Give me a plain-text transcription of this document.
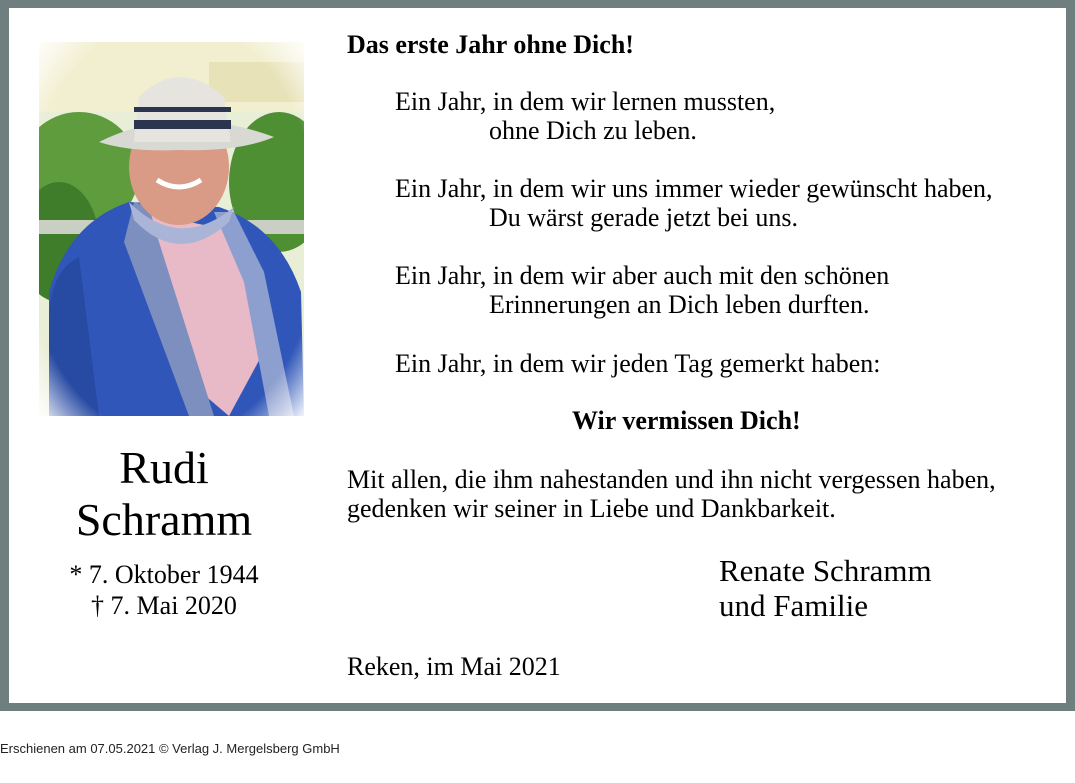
Rudi
Schramm
* 7. Oktober 1944
† 7. Mai 2020
Das erste Jahr ohne Dich!
Ein Jahr, in dem wir lernen mussten,
ohne Dich zu leben.
Ein Jahr, in dem wir uns immer wieder gewünscht haben,
Du wärst gerade jetzt bei uns.
Ein Jahr, in dem wir aber auch mit den schönen
Erinnerungen an Dich leben durften.
Ein Jahr, in dem wir jeden Tag gemerkt haben:
Wir vermissen Dich!
Mit allen, die ihm nahestanden und ihn nicht vergessen haben,
gedenken wir seiner in Liebe und Dankbarkeit.
Renate Schramm
und Familie
Reken, im Mai 2021
Erschienen am 07.05.2021 © Verlag J. Mergelsberg GmbH
